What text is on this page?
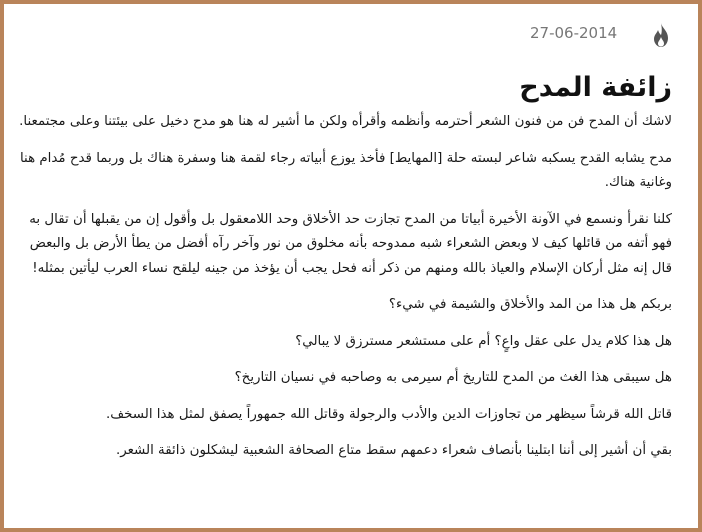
27-06-2014
زائفة المدح

لاشك أن المدح فن من فنون الشعر أحترمه وأنظمه وأقرأه ولكن ما أشير له هنا هو مدح دخيل على بيئتنا وعلى مجتمعنا.

مدح يشابه القدح يسكبه شاعر لبسته حلة [المهايط] فأخذ يوزع أبياته رجاء لقمة هنا وسفرة هناك بل وربما قدح مُدام هنا وغانية هناك.

كلنا نقرأ ونسمع في الآونة الأخيرة أبياتا من المدح تجازت حد الأخلاق وحد اللامعقول بل وأقول إن من يقبلها أن تقال به فهو أتفه من قائلها كيف لا وبعض الشعراء شبه ممدوحه بأنه مخلوق من نور وآخر رآه أفضل من يطأ الأرض بل والبعض قال إنه مثل أركان الإسلام والعياذ بالله ومنهم من ذكر أنه فحل يجب أن يؤخذ من جينه ليلقح نساء العرب ليأتين بمثله!

بربكم هل هذا من المد والأخلاق والشيمة في شيء؟

هل هذا كلام يدل على عقل واعٍ؟ أم على مستشعر مسترزق لا يبالي؟

هل سيبقى هذا الغث من المدح للتاريخ أم سيرمى به وصاحبه في نسيان التاريخ؟

قاتل الله قرشاً سيظهر من تجاوزات الدين والأدب والرجولة وقاتل الله جمهوراً يصفق لمثل هذا السخف.

بقي أن أشير إلى أننا ابتلينا بأنصاف شعراء دعمهم سقط متاع الصحافة الشعبية ليشكلون ذائقة الشعر.
